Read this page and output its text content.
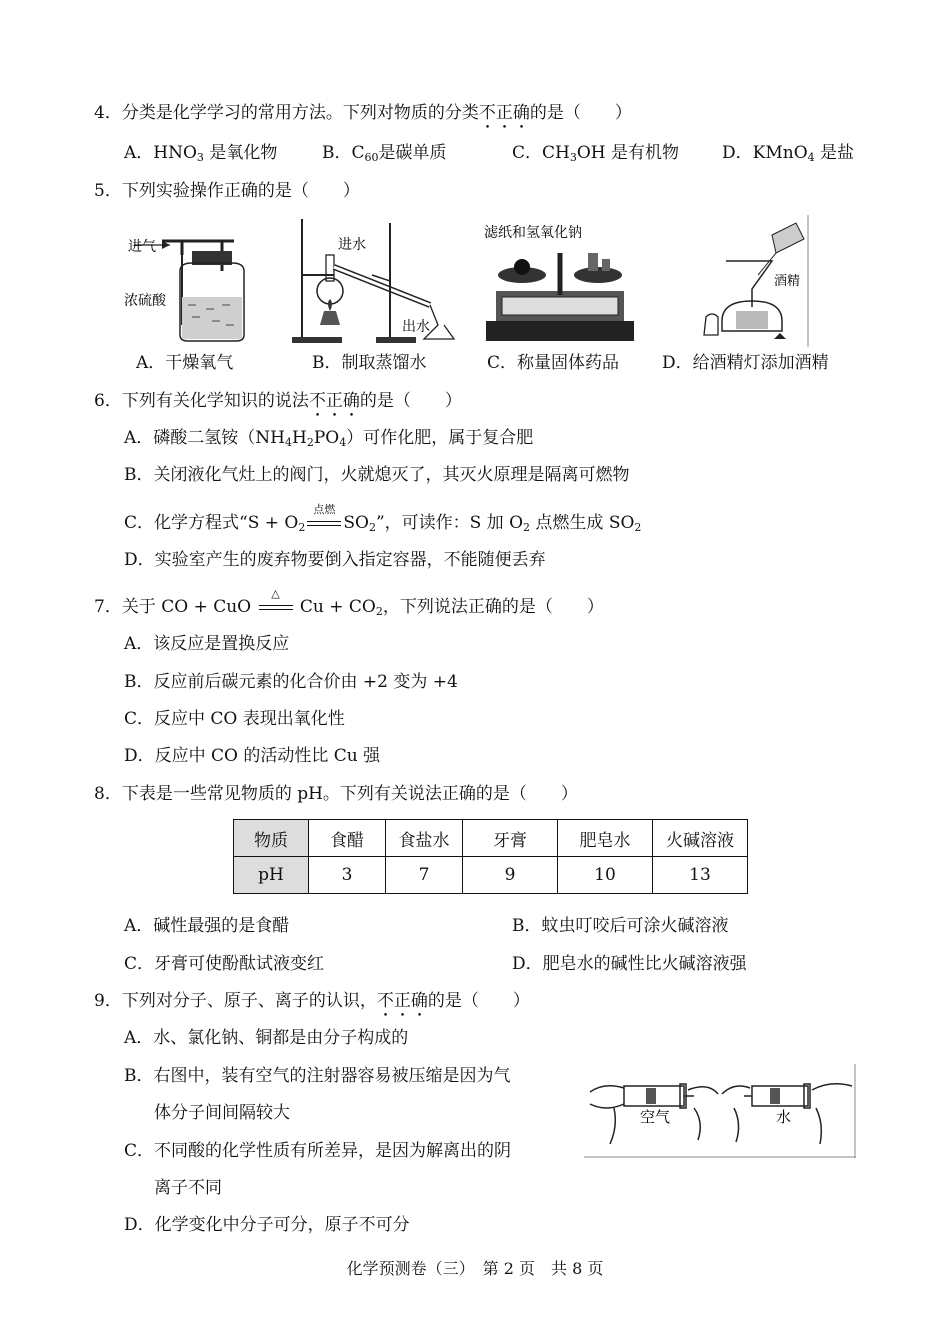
4．分类是化学学习的常用方法。下列对物质的分类不正确的是（　　）
A．$HNO_3$ 是氧化物	B．$C_{60}$是碳单质	C．$CH_3OH$ 是有机物	D．KMnO$_4$ 是盐
5．下列实验操作正确的是（　　）
进气
浓硫酸
A．干燥氧气
进水
出水
B．制取蒸馏水
滤纸和氢氧化钠
C．称量固体药品
酒精
D．给酒精灯添加酒精
6．下列有关化学知识的说法不正确的是（　　）
A．磷酸二氢铵$(NH_4H_2PO_4)$可作化肥，属于复合肥
B．关闭液化气灶上的阀门，火就熄灭了，其灭火原理是隔离可燃物
C．化学方程式“$S + O_2$
点燃
$SO_2$”，可读作：S 加 $O_2$ 点燃生成 $SO_2$
D．实验室产生的废弃物要倒入指定容器，不能随便丢弃
7．关于 CO + CuO
△
$Cu + CO_2$，下列说法正确的是（　　）
A．该反应是置换反应
B．反应前后碳元素的化合价由 +2 变为 +4
C．反应中 CO 表现出氧化性
D．反应中 CO 的活动性比 Cu 强
8．下表是一些常见物质的 pH。下列有关说法正确的是（　　）
物质	食醋	食盐水	牙膏	肥皂水	火碱溶液
pH	3	7	9	10	13
A．碱性最强的是食醋	B．蚊虫叮咬后可涂火碱溶液
C．牙膏可使酚酞试液变红	D．肥皂水的碱性比火碱溶液强
9．下列对分子、原子、离子的认识，不正确的是（　　）
A．水、氯化钠、铜都是由分子构成的
B．右图中，装有空气的注射器容易被压缩是因为气
体分子间间隔较大
C．不同酸的化学性质有所差异，是因为解离出的阴
离子不同
D．化学变化中分子可分，原子不可分
空气	水
化学预测卷（三）　第 2 页　共 8 页
